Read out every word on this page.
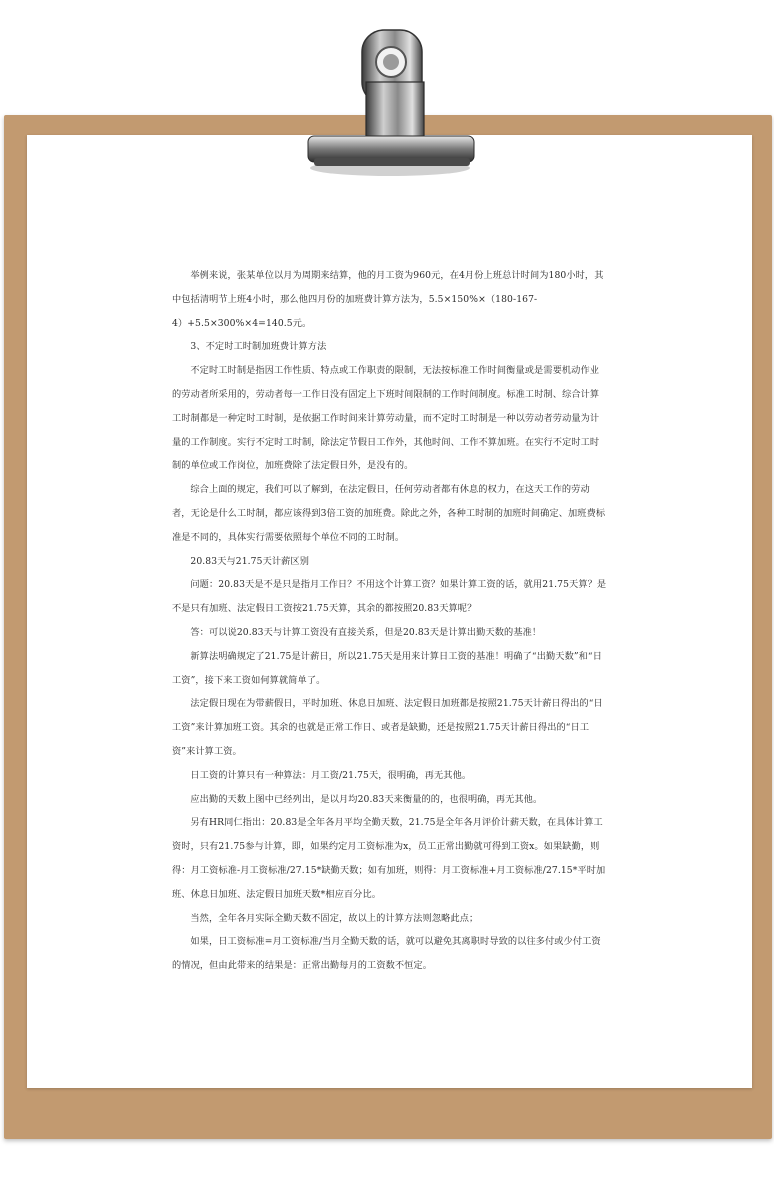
举例来说，张某单位以月为周期来结算，他的月工资为960元，在4月份上班总计时间为180小时，其中包括清明节上班4小时，那么他四月份的加班费计算方法为，5.5×150%×（180-167-4）+5.5×300%×4=140.5元。

3、不定时工时制加班费计算方法

不定时工时制是指因工作性质、特点或工作职责的限制，无法按标准工作时间衡量或是需要机动作业的劳动者所采用的，劳动者每一工作日没有固定上下班时间限制的工作时间制度。标准工时制、综合计算工时制都是一种定时工时制，是依据工作时间来计算劳动量，而不定时工时制是一种以劳动者劳动量为计量的工作制度。实行不定时工时制，除法定节假日工作外，其他时间、工作不算加班。在实行不定时工时制的单位或工作岗位，加班费除了法定假日外，是没有的。

综合上面的规定，我们可以了解到，在法定假日，任何劳动者都有休息的权力，在这天工作的劳动者，无论是什么工时制，都应该得到3倍工资的加班费。除此之外，各种工时制的加班时间确定、加班费标准是不同的，具体实行需要依照每个单位不同的工时制。

20.83天与21.75天计薪区别

问题：20.83天是不是只是指月工作日？不用这个计算工资？如果计算工资的话，就用21.75天算？是不是只有加班、法定假日工资按21.75天算，其余的都按照20.83天算呢？

答：可以说20.83天与计算工资没有直接关系，但是20.83天是计算出勤天数的基准！

新算法明确规定了21.75是计薪日，所以21.75天是用来计算日工资的基准！明确了“出勤天数”和“日工资”，接下来工资如何算就简单了。

法定假日现在为带薪假日，平时加班、休息日加班、法定假日加班都是按照21.75天计薪日得出的“日工资”来计算加班工资。其余的也就是正常工作日、或者是缺勤，还是按照21.75天计薪日得出的“日工资”来计算工资。

日工资的计算只有一种算法：月工资/21.75天，很明确，再无其他。

应出勤的天数上图中已经列出，是以月均20.83天来衡量的的，也很明确，再无其他。

另有HR同仁指出：20.83是全年各月平均全勤天数，21.75是全年各月评价计薪天数，在具体计算工资时，只有21.75参与计算，即，如果约定月工资标准为x，员工正常出勤就可得到工资x。如果缺勤，则得：月工资标准-月工资标准/27.15*缺勤天数；如有加班，则得：月工资标准+月工资标准/27.15*平时加班、休息日加班、法定假日加班天数*相应百分比。

当然，全年各月实际全勤天数不固定，故以上的计算方法则忽略此点；

如果，日工资标准=月工资标准/当月全勤天数的话，就可以避免其离职时导致的以往多付或少付工资的情况，但由此带来的结果是：正常出勤每月的工资数不恒定。
